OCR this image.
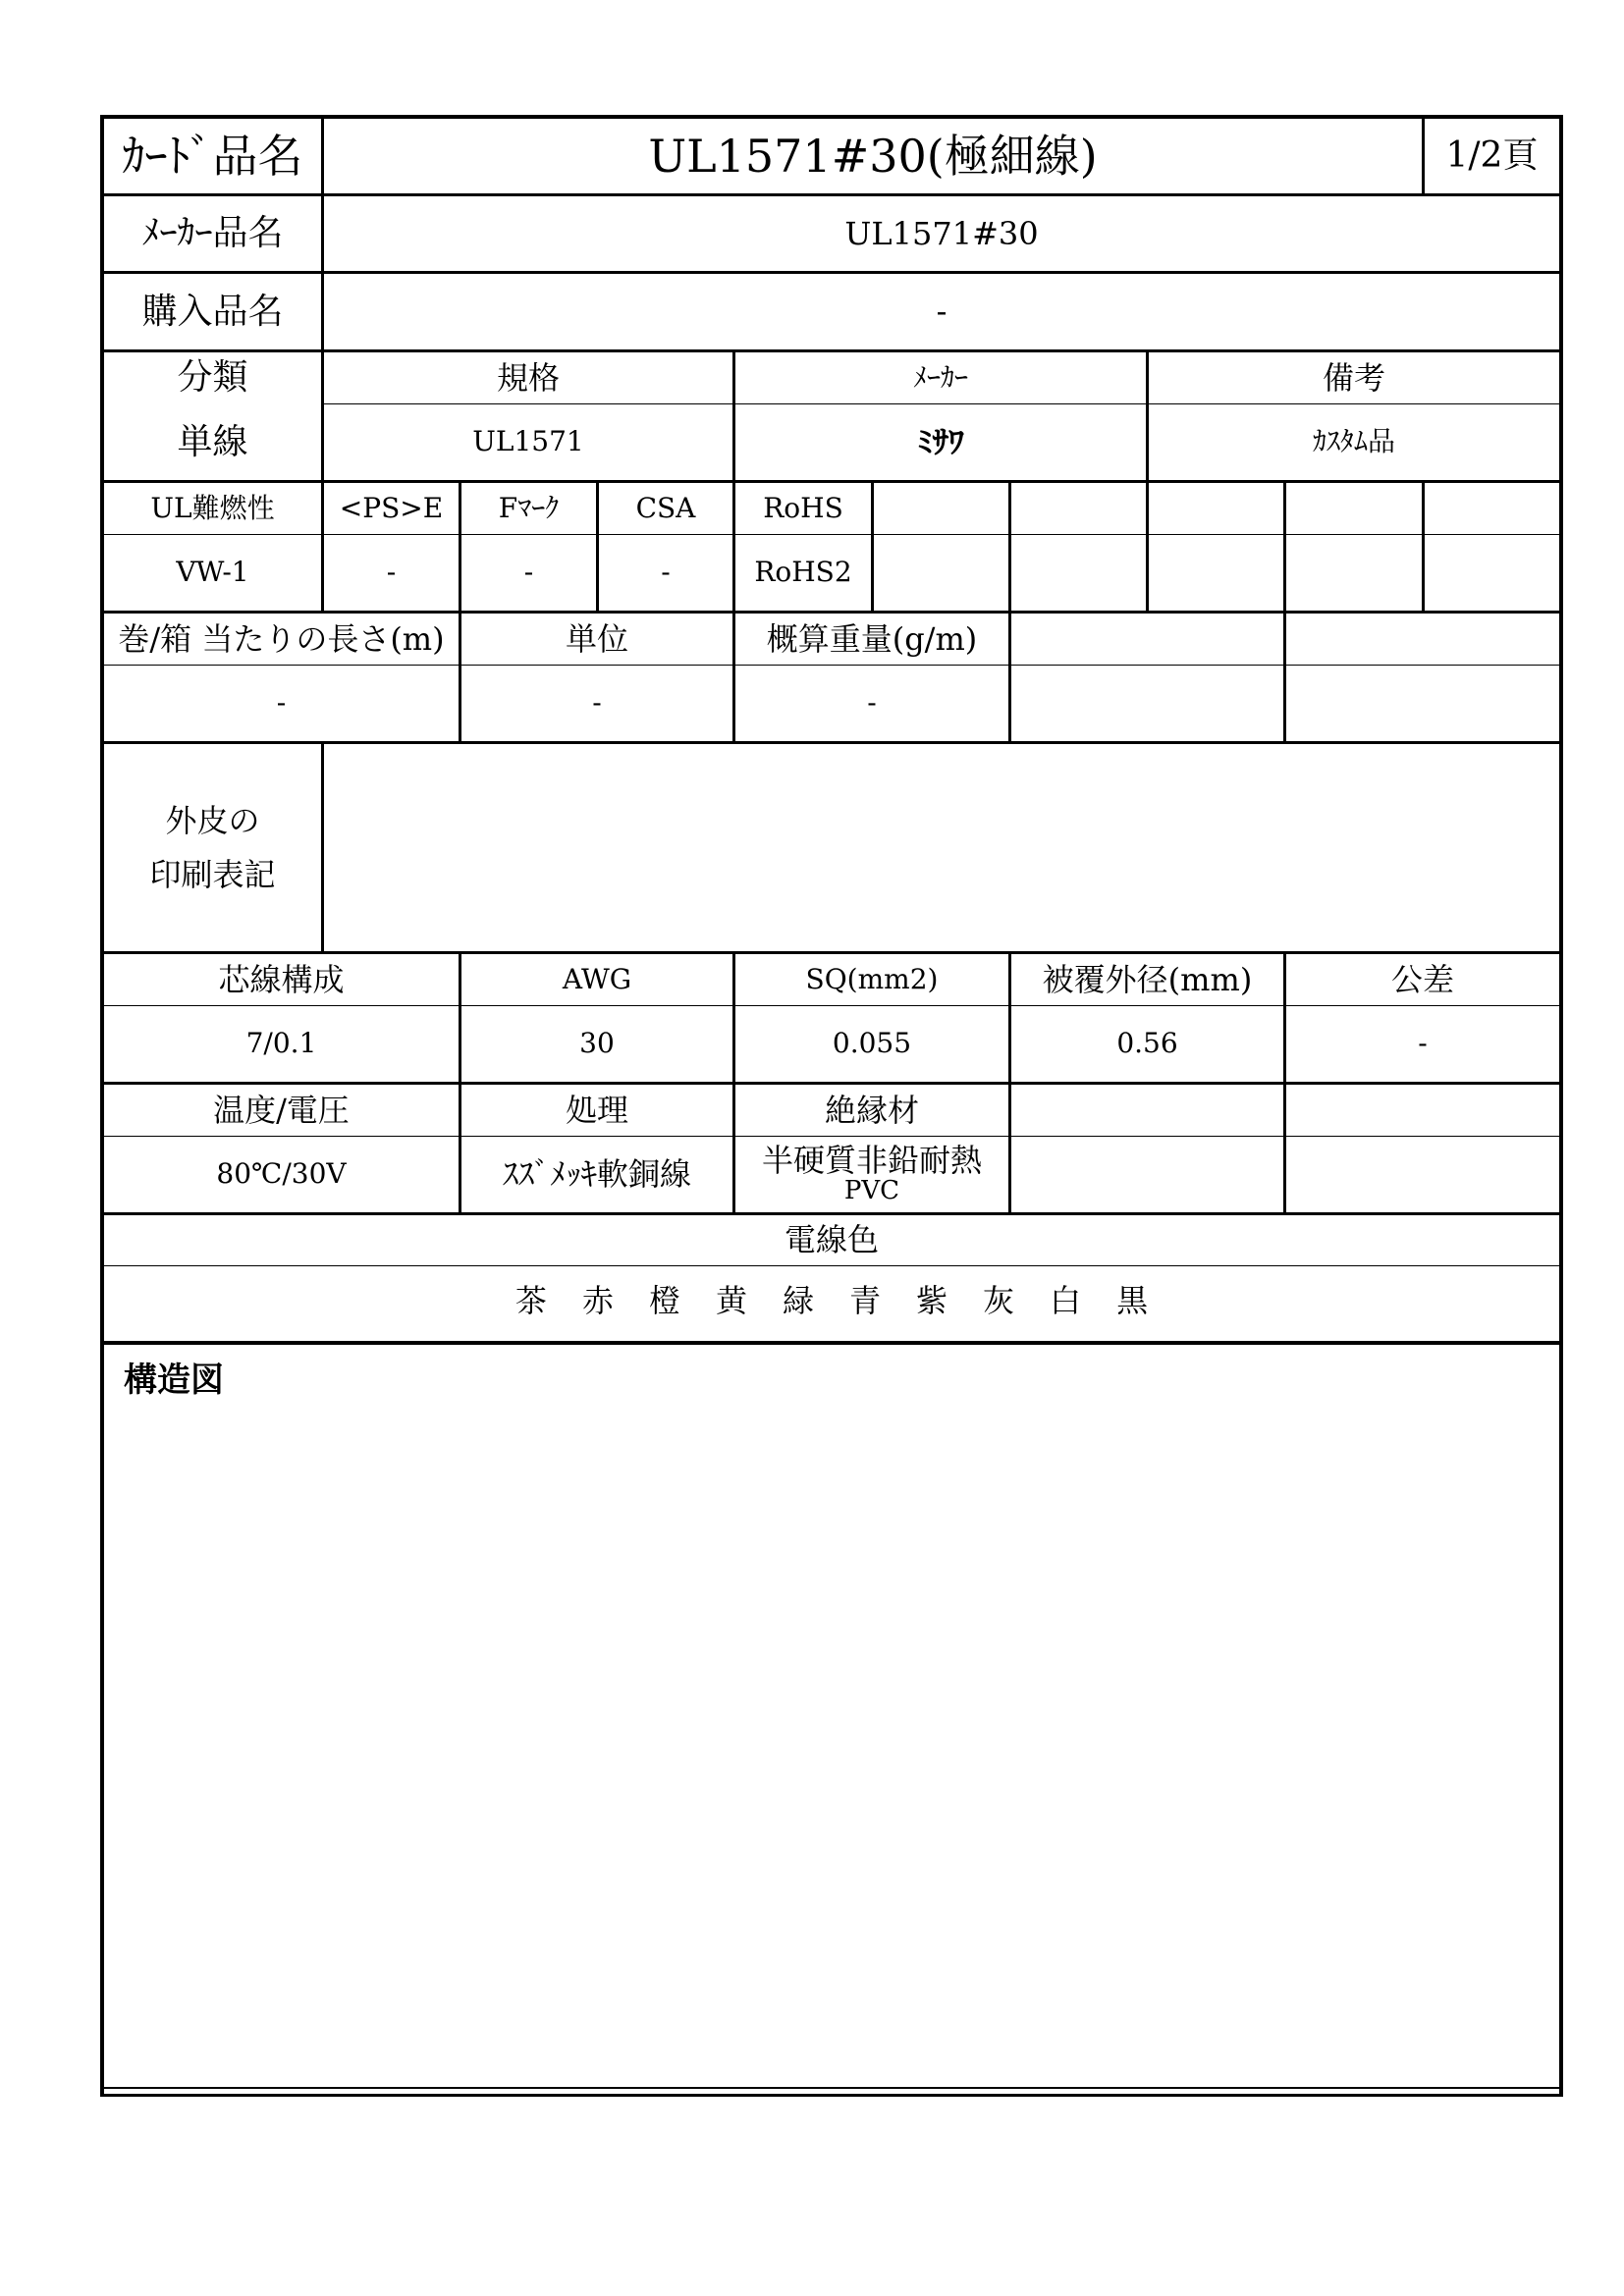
ｶｰﾄﾞ品名	UL1571#30(極細線)	1/2頁
ﾒｰｶｰ品名	UL1571#30
購入品名	-
分類	規格	ﾒｰｶｰ	備考
単線	UL1571	ﾐｻﾜ	ｶｽﾀﾑ品
UL難燃性	<PS>E	Fﾏｰｸ	CSA	RoHS
VW-1	-	-	-	RoHS2
巻/箱 当たりの長さ(m)	単位	概算重量(g/m)
-	-	-
外皮の
印刷表記
芯線構成	AWG	SQ(mm2)	被覆外径(mm)	公差
7/0.1	30	0.055	0.56	-
温度/電圧	処理	絶縁材
80℃/30V	ｽｽﾞﾒｯｷ軟銅線	半硬質非鉛耐熱
PVC
電線色
茶 赤 橙 黄 緑 青 紫 灰 白 黒
構造図
